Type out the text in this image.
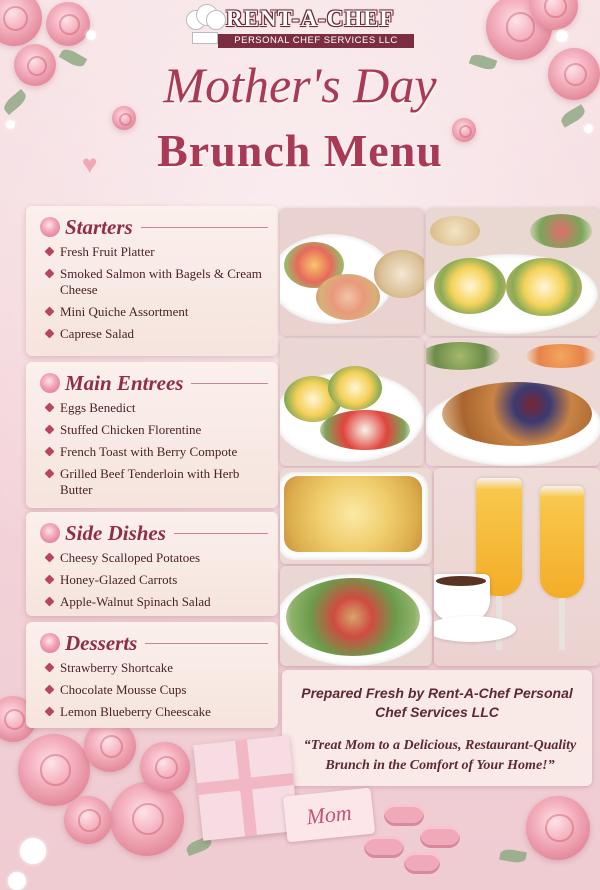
RENT-A-CHEF
PERSONAL CHEF SERVICES LLC
♥
Mother's Day
Brunch Menu
Starters
Fresh Fruit Platter
Smoked Salmon with Bagels & Cream Cheese
Mini Quiche Assortment
Caprese Salad
Main Entrees
Eggs Benedict
Stuffed Chicken Florentine
French Toast with Berry Compote
Grilled Beef Tenderloin with Herb Butter
Side Dishes
Cheesy Scalloped Potatoes
Honey-Glazed Carrots
Apple-Walnut Spinach Salad
Desserts
Strawberry Shortcake
Chocolate Mousse Cups
Lemon Blueberry Cheescake
Prepared Fresh by Rent-A-Chef Personal Chef Services LLC
“Treat Mom to a Delicious, Restaurant-Quality Brunch in the Comfort of Your Home!”
Mom
